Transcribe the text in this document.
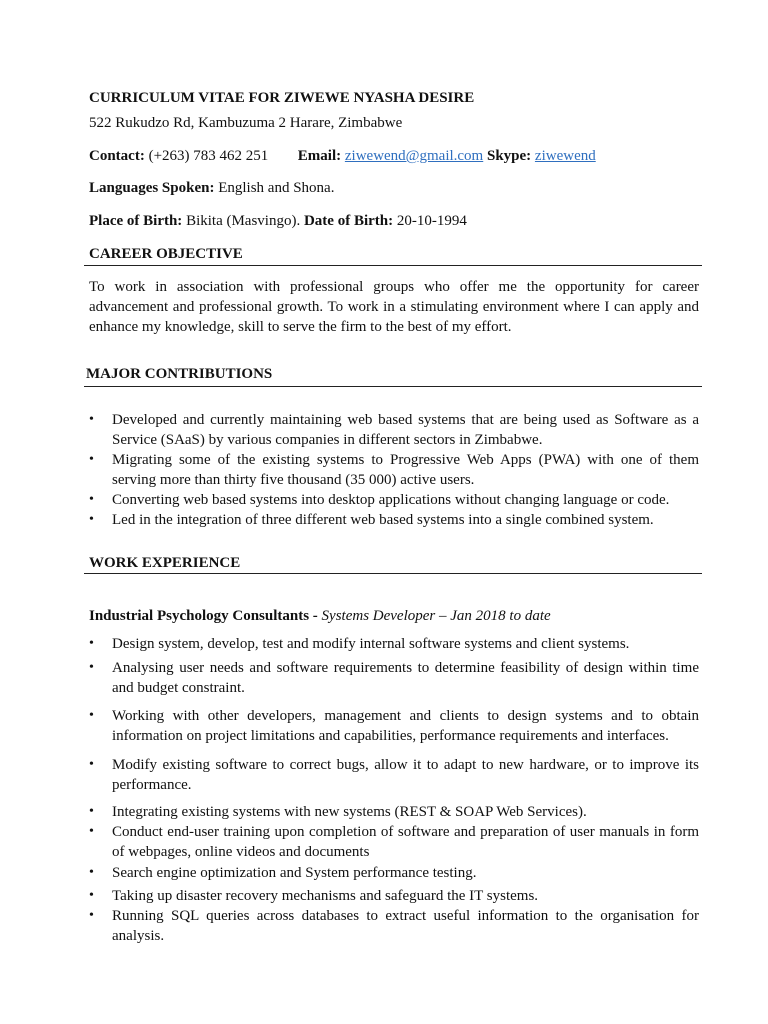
CURRICULUM VITAE FOR ZIWEWE NYASHA DESIRE
522 Rukudzo Rd, Kambuzuma 2 Harare, Zimbabwe
Contact: (+263) 783 462 251 Email: ziwewend@gmail.com Skype: ziwewend
Languages Spoken: English and Shona.
Place of Birth: Bikita (Masvingo). Date of Birth: 20-10-1994
CAREER OBJECTIVE
To work in association with professional groups who offer me the opportunity for career advancement and professional growth. To work in a stimulating environment where I can apply and enhance my knowledge, skill to serve the firm to the best of my effort.
MAJOR CONTRIBUTIONS
• Developed and currently maintaining web based systems that are being used as Software as a Service (SAaS) by various companies in different sectors in Zimbabwe.
• Migrating some of the existing systems to Progressive Web Apps (PWA) with one of them serving more than thirty five thousand (35 000) active users.
• Converting web based systems into desktop applications without changing language or code.
• Led in the integration of three different web based systems into a single combined system.
WORK EXPERIENCE
Industrial Psychology Consultants - Systems Developer – Jan 2018 to date
• Design system, develop, test and modify internal software systems and client systems.
• Analysing user needs and software requirements to determine feasibility of design within time and budget constraint.
• Working with other developers, management and clients to design systems and to obtain information on project limitations and capabilities, performance requirements and interfaces.
• Modify existing software to correct bugs, allow it to adapt to new hardware, or to improve its performance.
• Integrating existing systems with new systems (REST & SOAP Web Services).
• Conduct end-user training upon completion of software and preparation of user manuals in form of webpages, online videos and documents
• Search engine optimization and System performance testing.
• Taking up disaster recovery mechanisms and safeguard the IT systems.
• Running SQL queries across databases to extract useful information to the organisation for analysis.
